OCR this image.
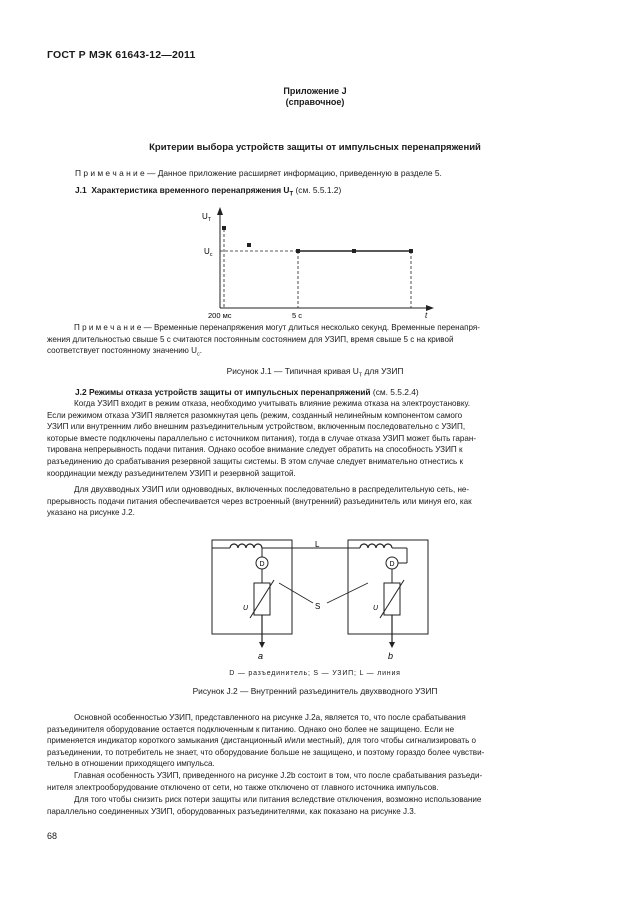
ГОСТ Р МЭК 61643-12—2011
Приложение J
(справочное)
Критерии выбора устройств защиты от импульсных перенапряжений
П р и м е ч а н и е — Данное приложение расширяет информацию, приведенную в разделе 5.
J.1 Характеристика временного перенапряжения $U_T$ (см. 5.5.1.2)
$U_T$
$U_c$
200 мс	5 с	t
П р и м е ч а н и е — Временные перенапряжения могут длиться несколько секунд. Временные перенапря-
жения длительностью свыше 5 с считаются постоянным состоянием для УЗИП, время свыше 5 с на кривой
соответствует постоянному значению $U_c$.
Рисунок J.1 — Типичная кривая $U_T$ для УЗИП
J.2 Режимы отказа устройств защиты от импульсных перенапряжений (см. 5.5.2.4)
Когда УЗИП входит в режим отказа, необходимо учитывать влияние режима отказа на электроустановку.
Если режимом отказа УЗИП является разомкнутая цепь (режим, созданный нелинейным компонентом самого
УЗИП или внутренним либо внешним разъединительным устройством, включенным последовательно с УЗИП,
которые вместе подключены параллельно с источником питания), тогда в случае отказа УЗИП может быть гаран-
тирована непрерывность подачи питания. Однако особое внимание следует обратить на способность УЗИП к
разъединению до срабатывания резервной защиты системы. В этом случае следует внимательно отнестись к
координации между разъединителем УЗИП и резервной защитой.
Для двухвводных УЗИП или одновводных, включенных последовательно в распределительную сеть, не-
прерывность подачи питания обеспечивается через встроенный (внутренний) разъединитель или минуя его, как
указано на рисунке J.2.
D
U
a
D
U
b
L
S
D — разъединитель; S — УЗИП; L — линия
Рисунок J.2 — Внутренний разъединитель двухвводного УЗИП
Основной особенностью УЗИП, представленного на рисунке J.2a, является то, что после срабатывания
разъединителя оборудование остается подключенным к питанию. Однако оно более не защищено. Если не
применяется индикатор короткого замыкания (дистанционный и/или местный), для того чтобы сигнализировать о
разъединении, то потребитель не знает, что оборудование больше не защищено, и поэтому гораздо более чувстви-
тельно в отношении приходящего импульса.
Главная особенность УЗИП, приведенного на рисунке J.2b состоит в том, что после срабатывания разъеди-
нителя электрооборудование отключено от сети, но также отключено от главного источника импульсов.
Для того чтобы снизить риск потери защиты или питания вследствие отключения, возможно использование
параллельно соединенных УЗИП, оборудованных разъединителями, как показано на рисунке J.3.
68
